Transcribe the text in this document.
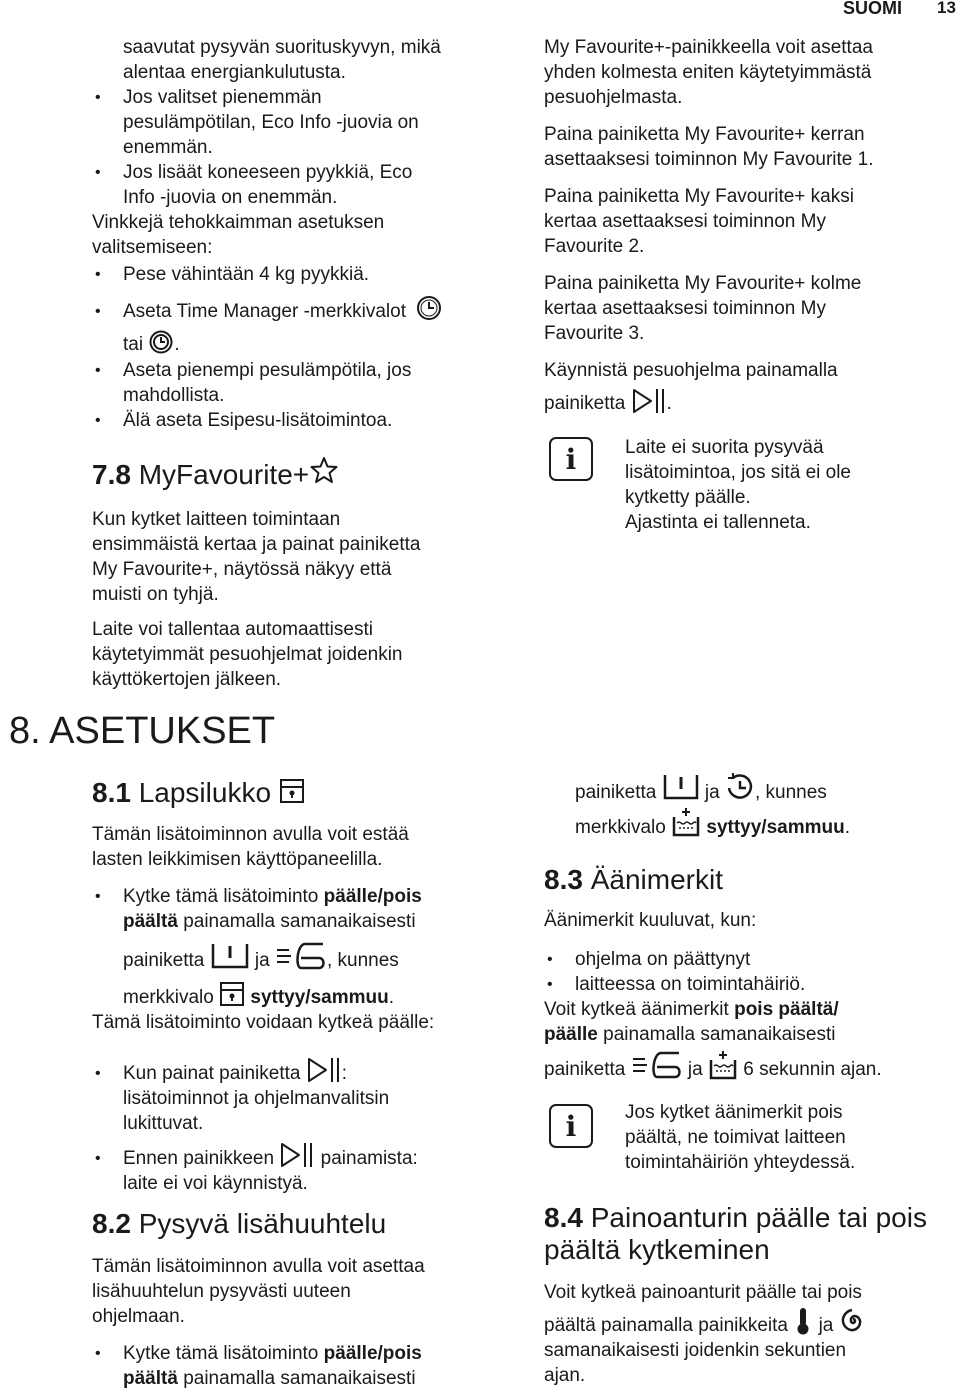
SUOMI 13

saavutat pysyvän suorituskyvyn, mikä

alentaa energiankulutusta.

• Jos valitset pienemmän

pesulämpötilan, Eco Info -juovia on

enemmän.

• Jos lisäät koneeseen pyykkiä, Eco

Info -juovia on enemmän.

Vinkkejä tehokkaimman asetuksen

valitsemiseen:

• Pese vähintään 4 kg pyykkiä.

• Aseta Time Manager -merkkivalot

tai .

• Aseta pienempi pesulämpötila, jos

mahdollista.

• Älä aseta Esipesu-lisätoimintoa.

7.8 MyFavourite+

Kun kytket laitteen toimintaan

ensimmäistä kertaa ja painat painiketta

My Favourite+, näytössä näkyy että

muisti on tyhjä.

Laite voi tallentaa automaattisesti

käytetyimmät pesuohjelmat joidenkin

käyttökertojen jälkeen.

My Favourite+-painikkeella voit asettaa

yhden kolmesta eniten käytetyimmästä

pesuohjelmasta.

Paina painiketta My Favourite+ kerran

asettaaksesi toiminnon My Favourite 1.

Paina painiketta My Favourite+ kaksi

kertaa asettaaksesi toiminnon My

Favourite 2.

Paina painiketta My Favourite+ kolme

kertaa asettaaksesi toiminnon My

Favourite 3.

Käynnistä pesuohjelma painamalla

painiketta .

i	Laite ei suorita pysyvää

lisätoimintoa, jos sitä ei ole

kytketty päälle.

Ajastinta ei tallenneta.

8. ASETUKSET
8.1 Lapsilukko

Tämän lisätoiminnon avulla voit estää

lasten leikkimisen käyttöpaneelilla.

• Kytke tämä lisätoiminto päälle/pois

päältä painamalla samanaikaisesti

painiketta	ja	, kunnes

merkkivalo syttyy/sammuu.

Tämä lisätoiminto voidaan kytkeä päälle:

• Kun painat painiketta :

lisätoiminnot ja ohjelmanvalitsin

lukittuvat.

• Ennen painikkeen painamista:

laite ei voi käynnistyä.

8.2 Pysyvä lisähuuhtelu

Tämän lisätoiminnon avulla voit asettaa

lisähuuhtelun pysyvästi uuteen

ohjelmaan.

• Kytke tämä lisätoiminto päälle/pois

päältä painamalla samanaikaisesti

painiketta	ja , kunnes

merkkivalo syttyy/sammuu.

8.3 Äänimerkit

Äänimerkit kuuluvat, kun:

• ohjelma on päättynyt

• laitteessa on toimintahäiriö.

Voit kytkeä äänimerkit pois päältä/

päälle painamalla samanaikaisesti

painiketta	ja 6 sekunnin ajan.

i	Jos kytket äänimerkit pois

päältä, ne toimivat laitteen

toimintahäiriön yhteydessä.

8.4 Painoanturin päälle tai pois
päältä kytkeminen

Voit kytkeä painoanturit päälle tai pois

päältä painamalla painikkeita ja

samanaikaisesti joidenkin sekuntien

ajan.
